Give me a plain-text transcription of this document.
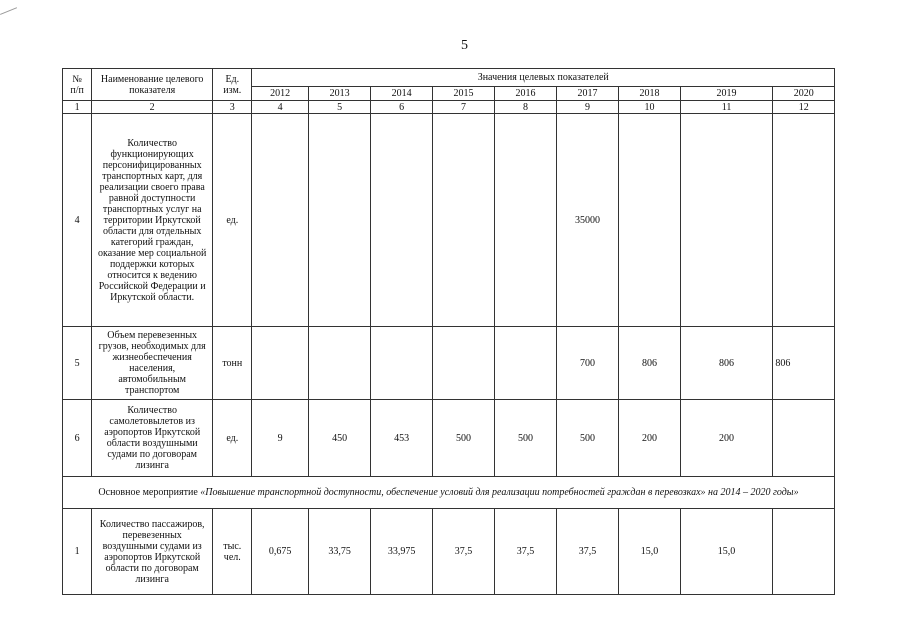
5
№
п/п	Наименование целевого показателя	Ед.
изм.	Значения целевых показателей								
			2012	2013	2014	2015	2016	2017	2018	2019	2020
1	2	3	4	5	6	7	8	9	10	11	12
4	Количество функционирующих персонифицированных транспортных карт, для реализации своего права равной доступности транспортных услуг на территории Иркутской области для отдельных категорий граждан, оказание мер социальной поддержки которых относится к ведению Российской Федерации и Иркутской области.	ед.						35000			
5	Объем перевезенных грузов, необходимых для жизнеобеспечения населения, автомобильным транспортом	тонн						700	806	806	806
6	Количество самолетовылетов из аэропортов Иркутской области воздушными судами по договорам лизинга	ед.	9	450	453	500	500	500	200	200	
Основное мероприятие «Повышение транспортной доступности, обеспечение условий для реализации потребностей граждан в перевозках» на 2014 – 2020 годы»											
1	Количество пассажиров, перевезенных воздушными судами из аэропортов Иркутской области по договорам лизинга	тыс.
чел.	0,675	33,75	33,975	37,5	37,5	37,5	15,0	15,0	
